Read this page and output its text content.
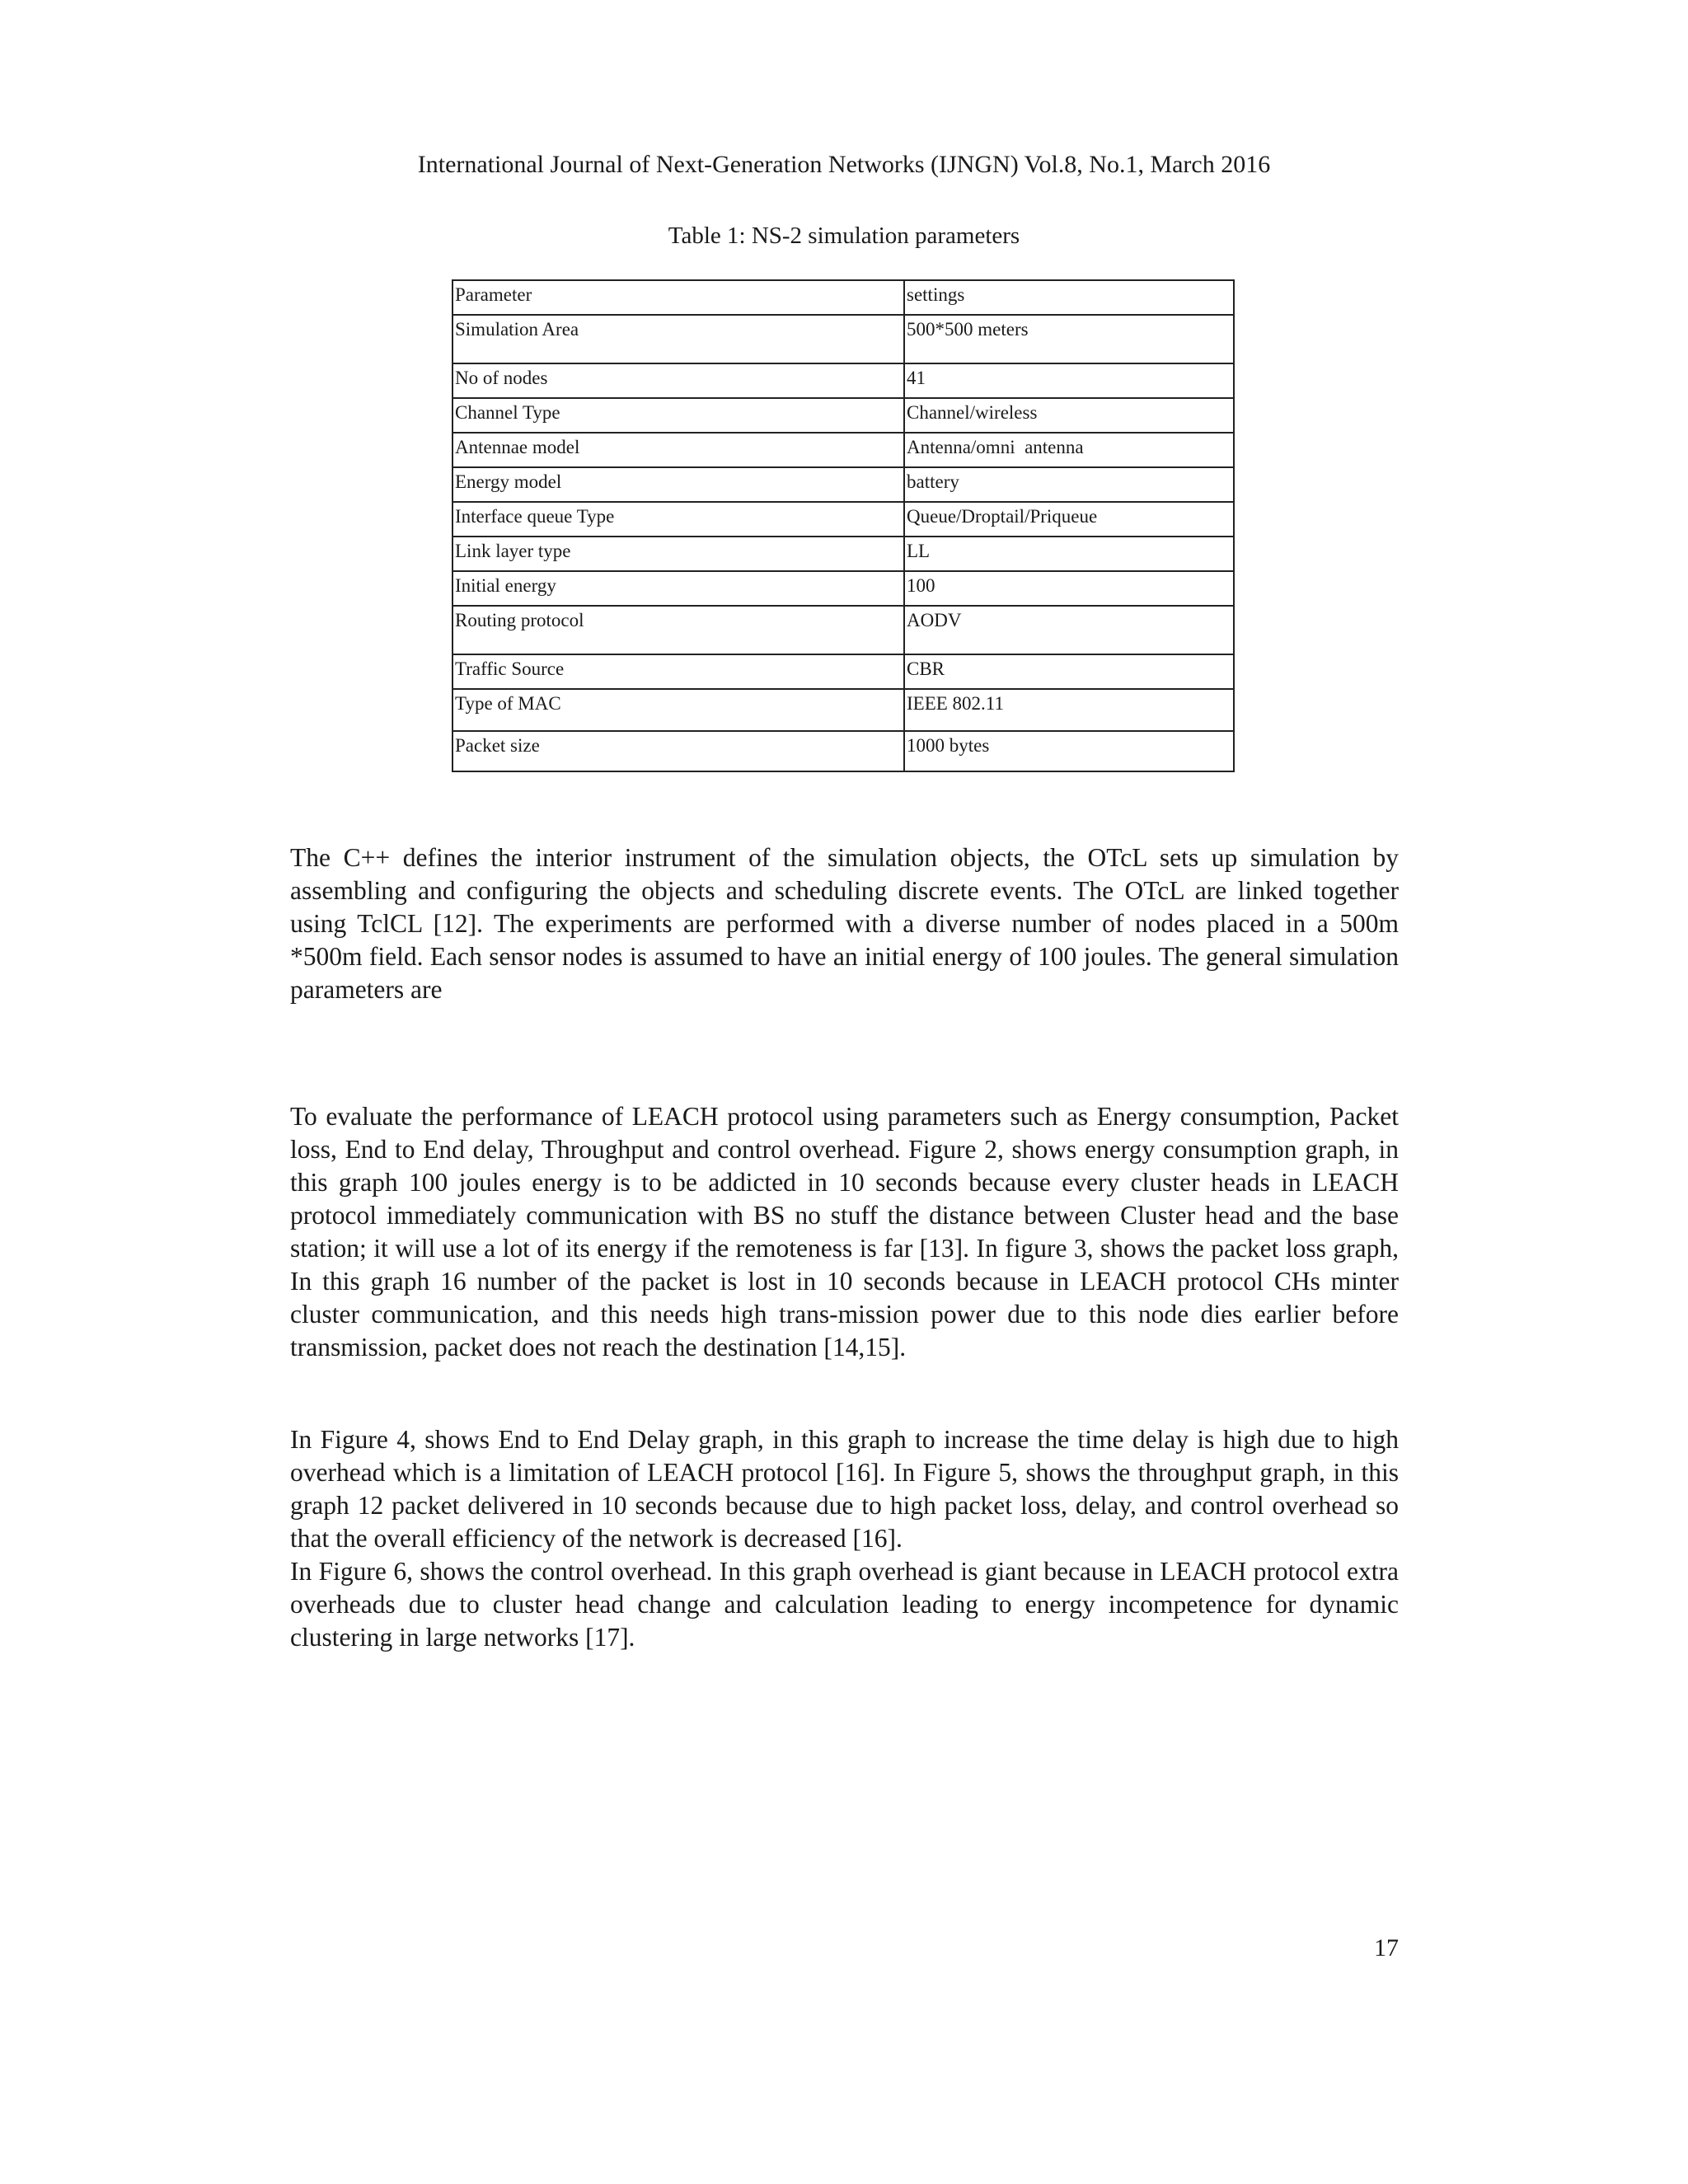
International Journal of Next-Generation Networks (IJNGN) Vol.8, No.1, March 2016
Table 1: NS-2 simulation parameters
Parameter	settings
Simulation Area	500*500 meters
No of nodes	41
Channel Type	Channel/wireless
Antennae model	Antenna/omni  antenna
Energy model	battery
Interface queue Type	Queue/Droptail/Priqueue
Link layer type	LL
Initial energy	100
Routing protocol	AODV
Traffic Source	CBR
Type of MAC	IEEE 802.11
Packet size	1000 bytes
The C++ defines the interior instrument of the simulation objects, the OTcL sets up simulation by assembling and configuring the objects and scheduling discrete events. The OTcL are linked together using TclCL [12]. The experiments are performed with a diverse number of nodes placed in a 500m *500m field. Each sensor nodes is assumed to have an initial energy of 100 joules. The general simulation parameters are
To evaluate the performance of LEACH protocol using parameters such as Energy consumption, Packet loss, End to End delay, Throughput and control overhead. Figure 2, shows energy consumption graph, in this graph 100 joules energy is to be addicted in 10 seconds because every cluster heads in LEACH protocol immediately communication with BS no stuff the distance between Cluster head and the base station; it will use a lot of its energy if the remoteness is far [13]. In figure 3, shows the packet loss graph, In this graph 16 number of the packet is lost in 10 seconds because in LEACH protocol CHs minter cluster communication, and this needs high trans-mission power due to this node dies earlier before transmission, packet does not reach the destination [14,15].
In Figure 4, shows End to End Delay graph, in this graph to increase the time delay is high due to high overhead which is a limitation of LEACH protocol [16]. In Figure 5, shows the throughput graph, in this graph 12 packet delivered in 10 seconds because due to high packet loss, delay, and control overhead so that the overall efficiency of the network is decreased [16].
In Figure 6, shows the control overhead. In this graph overhead is giant because in LEACH protocol extra overheads due to cluster head change and calculation leading to energy incompetence for dynamic clustering in large networks [17].
17
